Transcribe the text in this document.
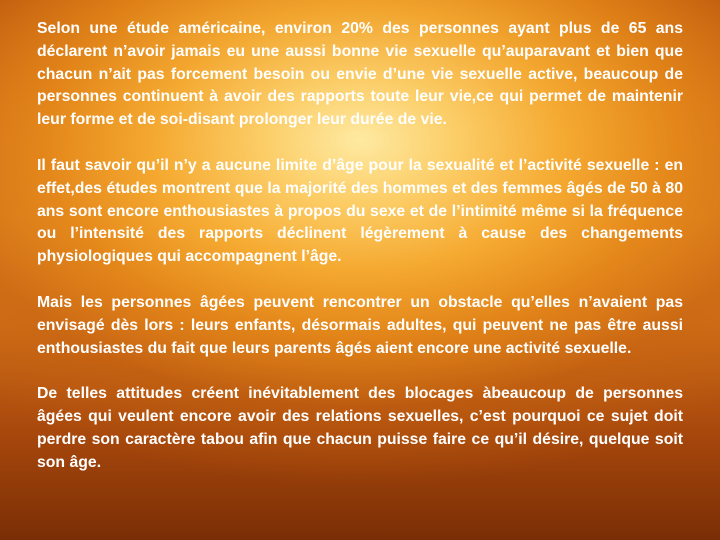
Selon une étude américaine, environ 20% des personnes ayant plus de 65 ans déclarent n’avoir jamais eu une aussi bonne vie sexuelle qu’auparavant et bien que chacun n’ait pas forcement besoin ou envie d’une vie sexuelle active, beaucoup de personnes continuent à avoir des rapports toute leur vie,ce qui permet de maintenir leur forme et de soi-disant prolonger leur durée de vie.

Il faut savoir qu’il n’y a aucune limite d’âge pour la sexualité et l’activité sexuelle : en effet,des études montrent que la majorité des hommes et des femmes âgés de 50 à 80 ans sont encore enthousiastes à propos du sexe et de l’intimité même si la fréquence ou l’intensité des rapports déclinent légèrement à cause des changements physiologiques qui accompagnent l’âge.

Mais les personnes âgées peuvent rencontrer un obstacle qu’elles n’avaient pas envisagé dès lors : leurs enfants, désormais adultes, qui peuvent ne pas être aussi enthousiastes du fait que leurs parents âgés aient encore une activité sexuelle.

De telles attitudes créent inévitablement des blocages àbeaucoup de personnes âgées qui veulent encore avoir des relations sexuelles, c’est pourquoi ce sujet doit perdre son caractère tabou afin que chacun puisse faire ce qu’il désire, quelque soit son âge.
